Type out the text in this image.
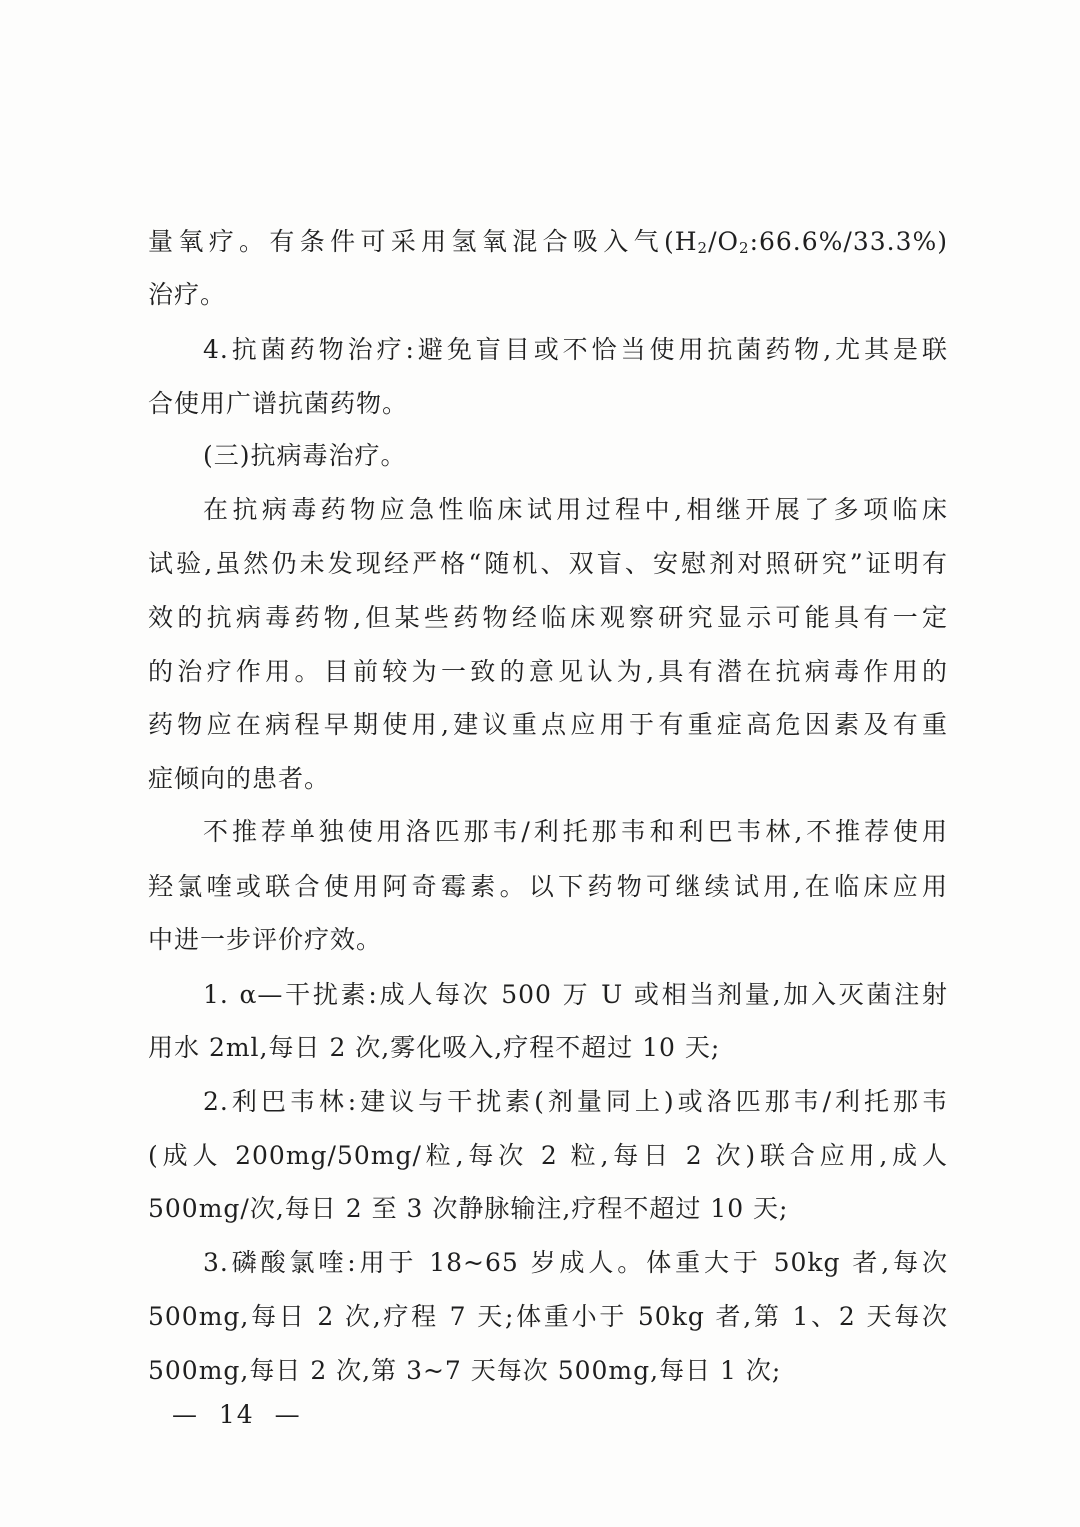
量氧疗。有条件可采用氢氧混合吸入气$(H_2/O_2:66.6\%/33.3\%)$
治疗。
4.抗菌药物治疗:避免盲目或不恰当使用抗菌药物,尤其是联
合使用广谱抗菌药物。
(三)抗病毒治疗。
在抗病毒药物应急性临床试用过程中,相继开展了多项临床
试验,虽然仍未发现经严格“随机、双盲、安慰剂对照研究”证明有
效的抗病毒药物,但某些药物经临床观察研究显示可能具有一定
的治疗作用。目前较为一致的意见认为,具有潜在抗病毒作用的
药物应在病程早期使用,建议重点应用于有重症高危因素及有重
症倾向的患者。
不推荐单独使用洛匹那韦/利托那韦和利巴韦林,不推荐使用
羟氯喹或联合使用阿奇霉素。以下药物可继续试用,在临床应用
中进一步评价疗效。
1. α—干扰素:成人每次 500 万 U 或相当剂量,加入灭菌注射
用水 2ml,每日 2 次,雾化吸入,疗程不超过 10 天;
2.利巴韦林:建议与干扰素(剂量同上)或洛匹那韦/利托那韦
(成人 200mg/50mg/粒,每次 2 粒,每日 2 次)联合应用,成人
500mg/次,每日 2 至 3 次静脉输注,疗程不超过 10 天;
3.磷酸氯喹:用于 18~65 岁成人。体重大于 50kg 者,每次
500mg,每日 2 次,疗程 7 天;体重小于 50kg 者,第 1、2 天每次
500mg,每日 2 次,第 3~7 天每次 500mg,每日 1 次;
—  14  —
